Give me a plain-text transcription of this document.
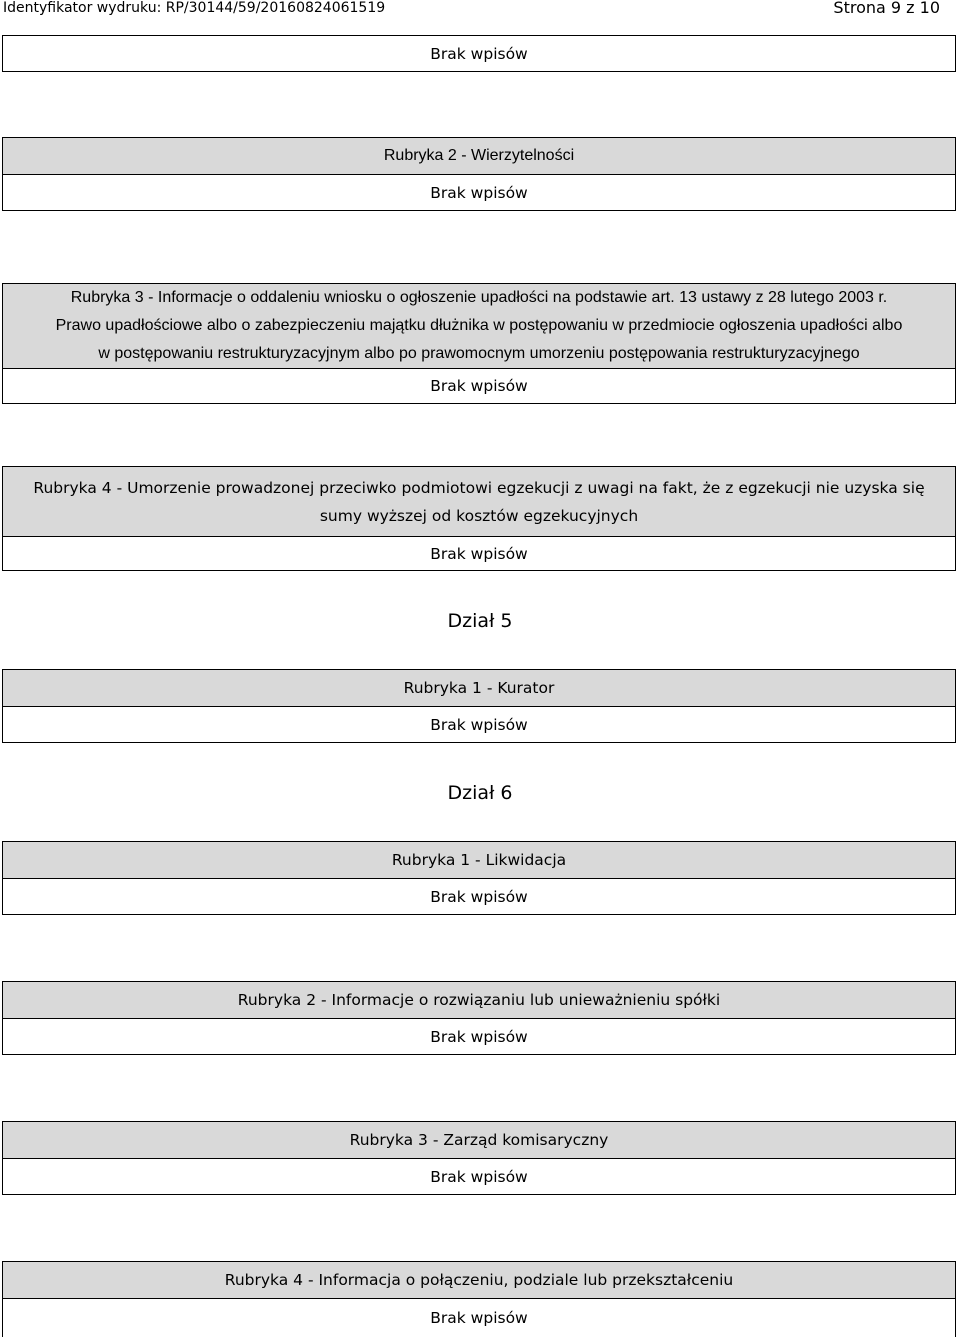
Identyfikator wydruku: RP/30144/59/20160824061519	Strona 9 z 10
Brak wpisów
Rubryka 2 - Wierzytelności
Brak wpisów
Rubryka 3 - Informacje o oddaleniu wniosku o ogłoszenie upadłości na podstawie art. 13 ustawy z 28 lutego 2003 r.
Prawo upadłościowe albo o zabezpieczeniu majątku dłużnika w postępowaniu w przedmiocie ogłoszenia upadłości albo
w postępowaniu restrukturyzacyjnym albo po prawomocnym umorzeniu postępowania restrukturyzacyjnego
Brak wpisów
Rubryka 4 - Umorzenie prowadzonej przeciwko podmiotowi egzekucji z uwagi na fakt, że z egzekucji nie uzyska się
sumy wyższej od kosztów egzekucyjnych
Brak wpisów
Dział 5
Rubryka 1 - Kurator
Brak wpisów
Dział 6
Rubryka 1 - Likwidacja
Brak wpisów
Rubryka 2 - Informacje o rozwiązaniu lub unieważnieniu spółki
Brak wpisów
Rubryka 3 - Zarząd komisaryczny
Brak wpisów
Rubryka 4 - Informacja o połączeniu, podziale lub przekształceniu
Brak wpisów
